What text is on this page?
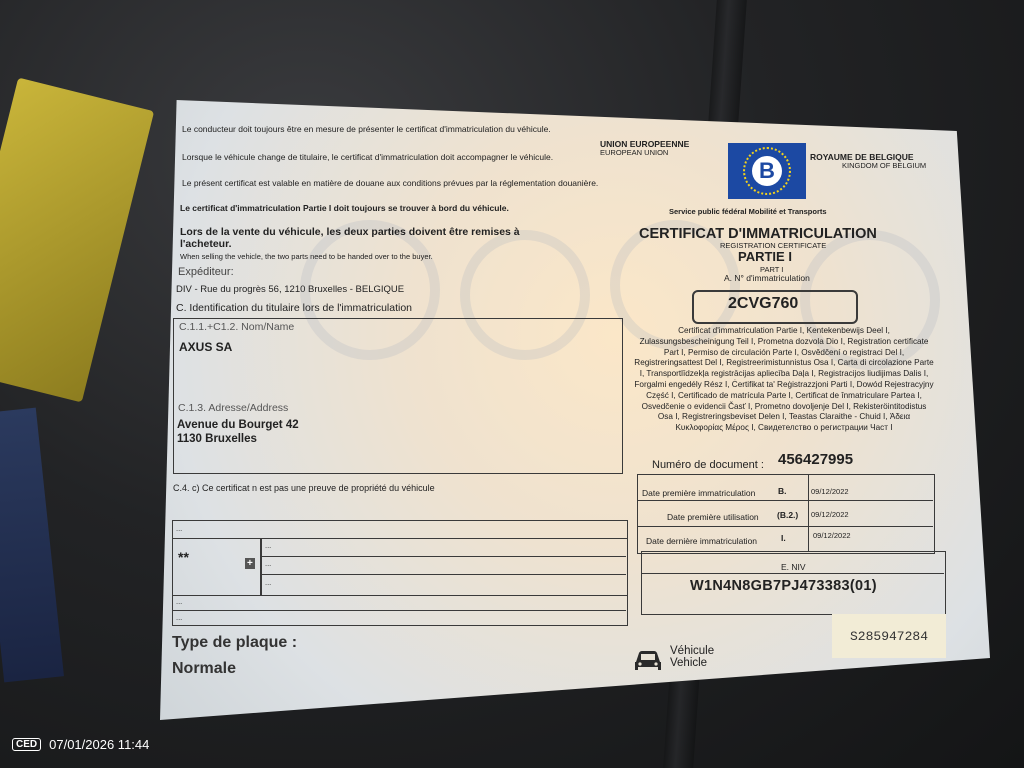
Le conducteur doit toujours être en mesure de présenter le certificat d'immatriculation du véhicule.
Lorsque le véhicule change de titulaire, le certificat d'immatriculation doit accompagner le véhicule.
Le présent certificat est valable en matière de douane aux conditions prévues par la réglementation douanière.
Le certificat d'immatriculation Partie I doit toujours se trouver à bord du véhicule.
Lors de la vente du véhicule, les deux parties doivent être remises à l'acheteur.
When selling the vehicle, the two parts need to be handed over to the buyer.
UNION EUROPEENNE
EUROPEAN UNION
B
ROYAUME DE BELGIQUE
KINGDOM OF BELGIUM
Expéditeur:
DIV - Rue du progrès 56, 1210 Bruxelles - BELGIQUE
C. Identification du titulaire lors de l'immatriculation
C.1.1.+C1.2. Nom/Name
AXUS SA
C.1.3. Adresse/Address
Avenue du Bourget 42
1130 Bruxelles
C.4. c) Ce certificat n est pas une preuve de propriété du véhicule
**	+
...
...
...
...
...
...
Type de plaque :
Normale
Service public fédéral Mobilité et Transports
CERTIFICAT D'IMMATRICULATION
REGISTRATION CERTIFICATE
PARTIE I
PART I
A. N° d'immatriculation
2CVG760
Certificat d'immatriculation Partie I, Kentekenbewijs Deel I, Zulassungsbescheinigung Teil I, Prometna dozvola Dio I, Registration certificate Part I, Permiso de circulación Parte I, Osvědčení o registraci Del I, Registreringsattest Del I, Registreerimistunnistus Osa I, Carta di circolazione Parte I, Transportlīdzekļa registrācijas apliecība Daļa I, Registracijos liudijimas Dalis I, Forgalmi engedély Rész I, Ċertifikat ta' Reġistrazzjoni Parti I, Dowód Rejestracyjny Część I, Certificado de matrícula Parte I, Certificat de înmatriculare Partea I, Osvedčenie o evidencii Časť I, Prometno dovoljenje Del I, Rekisteröintitodistus Osa I, Registreringsbeviset Delen I, Teastas Claraithe - Chuid I, Άδεια Κυκλοφορίας Μέρος I, Свидетелство о регистрации Част I
Numéro de document : 456427995
Date première immatriculation	B.	09/12/2022
Date première utilisation (B.2.) 09/12/2022
Date dernière immatriculation	I.	09/12/2022
E. NIV
W1N4N8GB7PJ473383(01)
Véhicule
Vehicle
S285947284
CED 07/01/2026 11:44
